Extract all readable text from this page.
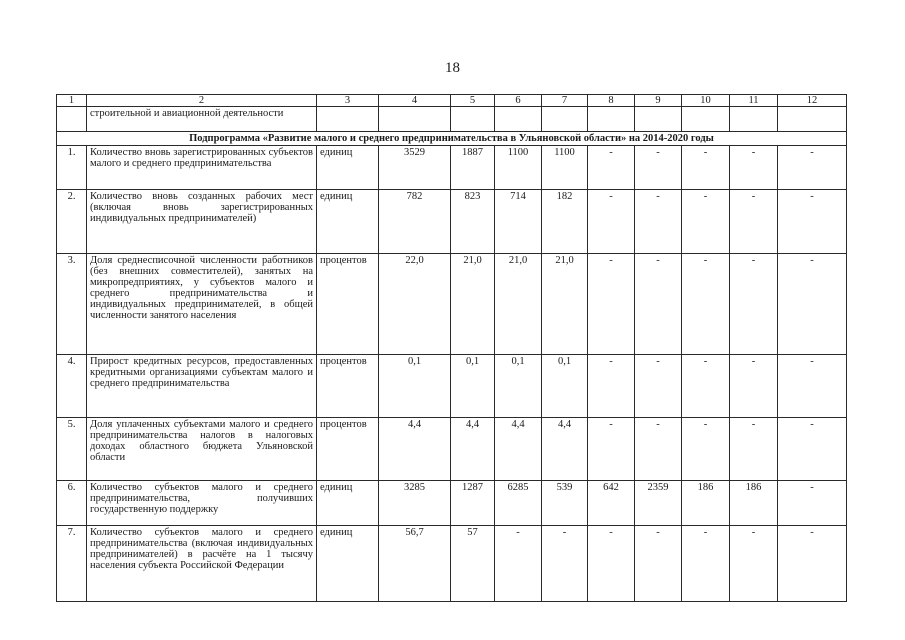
18
1	2	3	4	5	6	7	8	9	10	11	12
	строительной и авиационной деятельности										
Подпрограмма «Развитие малого и среднего предпринимательства в Ульяновской области» на 2014-2020 годы											
1.	Количество вновь зарегистрированных субъектов малого и среднего предпринимательства	единиц	3529	1887	1100	1100	-	-	-	-	-
2.	Количество вновь созданных рабочих мест (включая вновь зарегистрированных индивидуальных предпринимателей)	единиц	782	823	714	182	-	-	-	-	-
3.	Доля среднесписочной численности работников (без внешних совместителей), занятых на микропредприятиях, у субъектов малого и среднего предпринимательства и индивидуальных предпринимателей, в общей численности занятого населения	процентов	22,0	21,0	21,0	21,0	-	-	-	-	-
4.	Прирост кредитных ресурсов, предоставленных кредитными организациями субъектам малого и среднего предпринимательства	процентов	0,1	0,1	0,1	0,1	-	-	-	-	-
5.	Доля уплаченных субъектами малого и среднего предпринимательства налогов в налоговых доходах областного бюджета Ульяновской области	процентов	4,4	4,4	4,4	4,4	-	-	-	-	-
6.	Количество субъектов малого и среднего предпринимательства, получивших государственную поддержку	единиц	3285	1287	6285	539	642	2359	186	186	-
7.	Количество субъектов малого и среднего предпринимательства (включая индивидуальных предпринимателей) в расчёте на 1 тысячу населения субъекта Российской Федерации	единиц	56,7	57	-	-	-	-	-	-	-
